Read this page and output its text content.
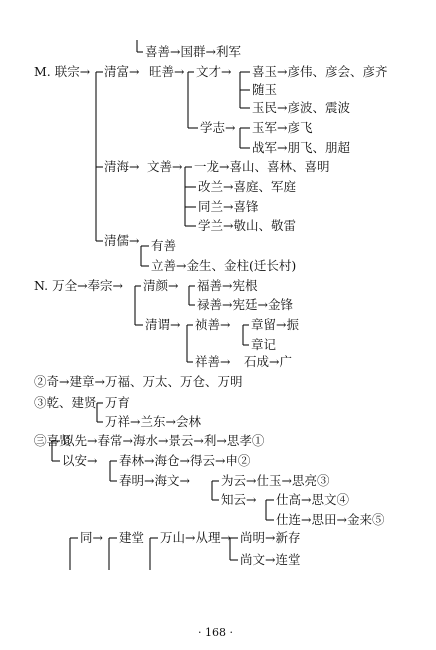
喜善→国群→利军
M. 联宗→ 清富→ 旺善→ 文才→ 喜玉→彦伟、彦会、彦齐
随玉
玉民→彦波、震波
学志→ 玉军→彦飞
战军→朋飞、朋超
清海→ 文善→ 一龙→喜山、喜林、喜明
改兰→喜庭、军庭
同兰→喜锋
学兰→敬山、敬雷
清儒→ 有善
立善→金生、金柱(迁长村)
N. 万全→奉宗→ 清颜→ 福善→宪根
禄善→宪廷→金锋
清谓→ 祯善→ 章留→振
章记
祥善→ 石成→广
②奇→建章→万福、万太、万仓、万明
③乾、建贤 万育
万祥→兰东→会林
㊂喜贤
以先→春常→海水→景云→利→思孝①
以安→ 春林→海仓→得云→申②
春明→海文→ 为云→仕玉→思亮③
知云→ 仕高→思文④
仕连→思田→金来⑤
同→ 建堂 万山→从理→ 尚明→新存
尚文→连堂
· 168 ·
